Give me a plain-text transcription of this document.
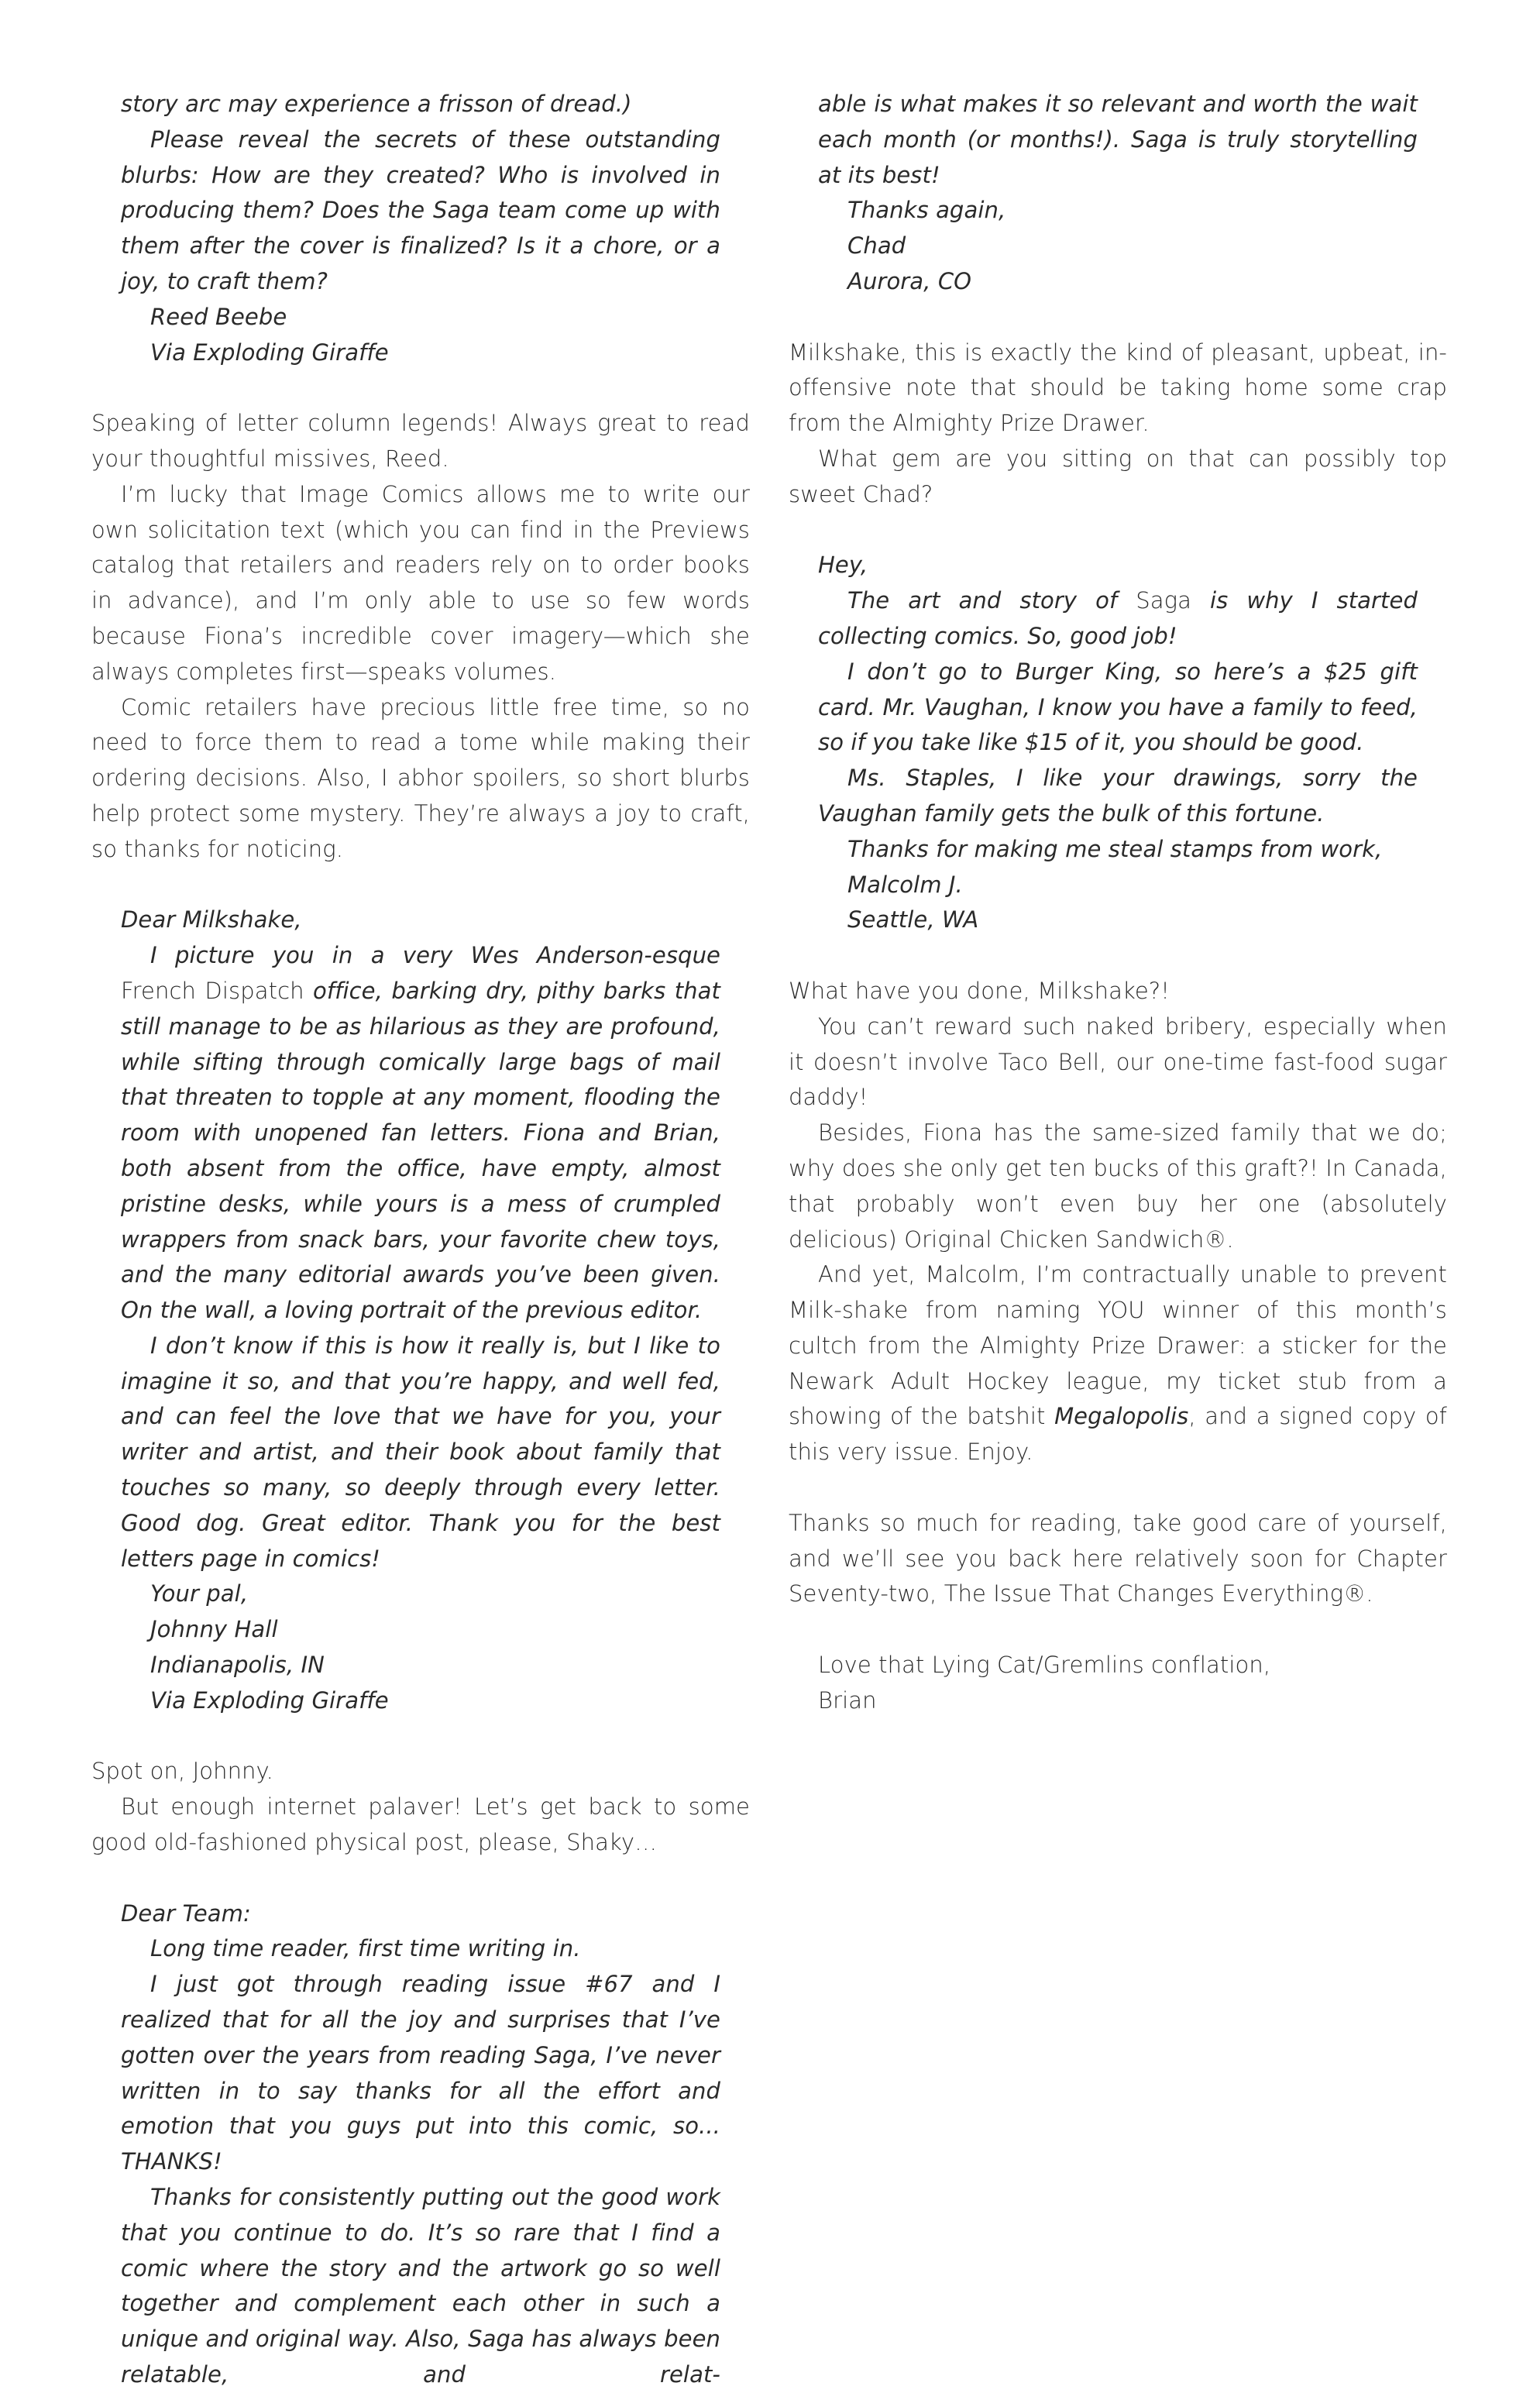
story arc may experience a frisson of dread.)

Please reveal the secrets of these outstanding blurbs: How are they created? Who is involved in producing them? Does the Saga team come up with them after the cover is finalized? Is it a chore, or a joy, to craft them?

Reed Beebe

Via Exploding Giraffe

Speaking of letter column legends! Always great to read your thoughtful missives, Reed.

I’m lucky that Image Comics allows me to write our own solicitation text (which you can find in the Previews catalog that retailers and readers rely on to order books in advance), and I’m only able to use so few words because Fiona’s incredible cover imagery—which she always completes first—speaks volumes.

Comic retailers have precious little free time, so no need to force them to read a tome while making their ordering decisions. Also, I abhor spoilers, so short blurbs help protect some mystery. They’re always a joy to craft, so thanks for noticing.

Dear Milkshake,

I picture you in a very Wes Anderson-esque French Dispatch office, barking dry, pithy barks that still manage to be as hilarious as they are profound, while sifting through comically large bags of mail that threaten to topple at any moment, flooding the room with unopened fan letters. Fiona and Brian, both absent from the office, have empty, almost pristine desks, while yours is a mess of crumpled wrappers from snack bars, your favorite chew toys, and the many editorial awards you’ve been given. On the wall, a loving portrait of the previous editor.

I don’t know if this is how it really is, but I like to imagine it so, and that you’re happy, and well fed, and can feel the love that we have for you, your writer and artist, and their book about family that touches so many, so deeply through every letter. Good dog. Great editor. Thank you for the best letters page in comics!

Your pal,

Johnny Hall

Indianapolis, IN

Via Exploding Giraffe

Spot on, Johnny.

But enough internet palaver! Let’s get back to some good old-fashioned physical post, please, Shaky…

Dear Team:

Long time reader, first time writing in.

I just got through reading issue #67 and I realized that for all the joy and surprises that I’ve gotten over the years from reading Saga, I’ve never written in to say thanks for all the effort and emotion that you guys put into this comic, so... THANKS!

Thanks for consistently putting out the good work that you continue to do. It’s so rare that I find a comic where the story and the artwork go so well together and complement each other in such a unique and original way. Also, Saga has always been relatable, and relat-

able is what makes it so relevant and worth the wait each month (or months!). Saga is truly storytelling at its best!

Thanks again,

Chad

Aurora, CO

Milkshake, this is exactly the kind of pleasant, upbeat, in-offensive note that should be taking home some crap from the Almighty Prize Drawer.

What gem are you sitting on that can possibly top sweet Chad?

Hey,

The art and story of Saga is why I started collecting comics. So, good job!

I don’t go to Burger King, so here’s a $25 gift card. Mr. Vaughan, I know you have a family to feed, so if you take like $15 of it, you should be good.

Ms. Staples, I like your drawings, sorry the Vaughan family gets the bulk of this fortune.

Thanks for making me steal stamps from work,

Malcolm J.

Seattle, WA

What have you done, Milkshake?!

You can’t reward such naked bribery, especially when it doesn’t involve Taco Bell, our one-time fast-food sugar daddy!

Besides, Fiona has the same-sized family that we do; why does she only get ten bucks of this graft?! In Canada, that probably won’t even buy her one (absolutely delicious) Original Chicken Sandwich®.

And yet, Malcolm, I’m contractually unable to prevent Milk-shake from naming YOU winner of this month’s cultch from the Almighty Prize Drawer: a sticker for the Newark Adult Hockey league, my ticket stub from a showing of the batshit Megalopolis, and a signed copy of this very issue. Enjoy.

Thanks so much for reading, take good care of yourself, and we’ll see you back here relatively soon for Chapter Seventy-two, The Issue That Changes Everything®.

Love that Lying Cat/Gremlins conflation,

Brian
